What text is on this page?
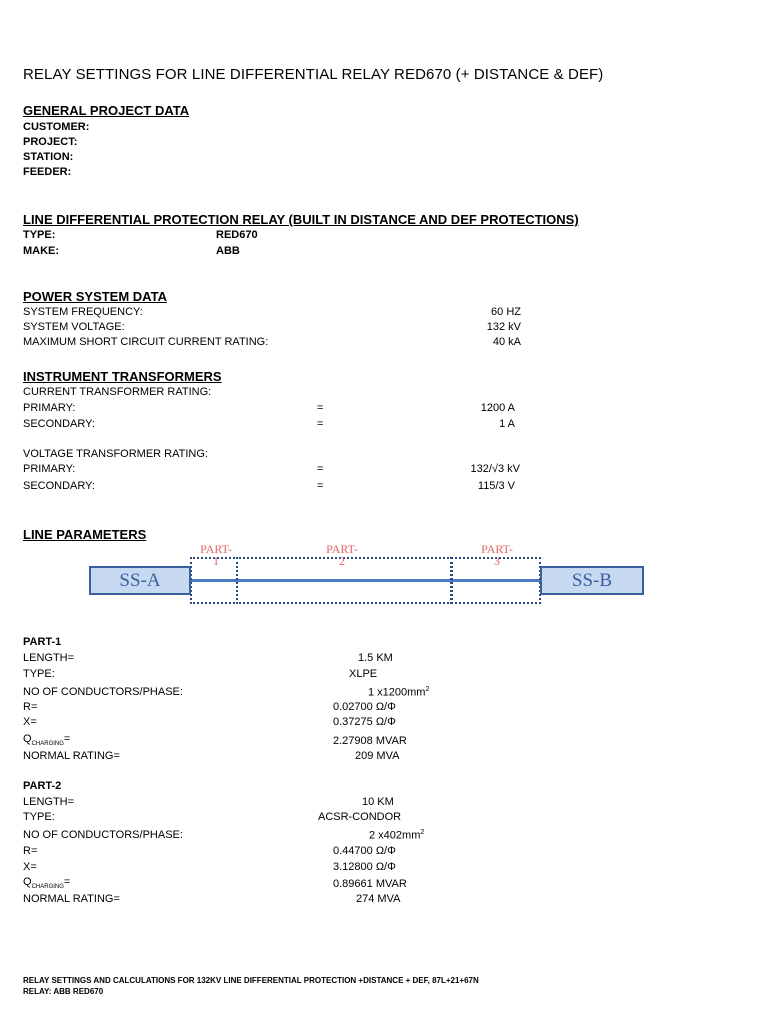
RELAY SETTINGS FOR LINE DIFFERENTIAL RELAY RED670 (+ DISTANCE & DEF)
GENERAL PROJECT DATA
CUSTOMER:
PROJECT:
STATION:
FEEDER:
LINE DIFFERENTIAL PROTECTION RELAY (BUILT IN DISTANCE AND DEF PROTECTIONS)
TYPE:	RED670
MAKE:	ABB
POWER SYSTEM DATA
SYSTEM FREQUENCY:	60 HZ
SYSTEM VOLTAGE:	132 kV
MAXIMUM SHORT CIRCUIT CURRENT RATING:	40 kA
INSTRUMENT TRANSFORMERS
CURRENT TRANSFORMER RATING:
PRIMARY:	=	1200 A
SECONDARY:	=	1 A
VOLTAGE TRANSFORMER RATING:
PRIMARY:	=	132/√3 kV
SECONDARY:	=	115/3 V
LINE PARAMETERS
SS-A	SS-B
PART-
1
PART-
2
PART-
3
PART-1
LENGTH=	1.5 KM
TYPE:	XLPE
NO OF CONDUCTORS/PHASE:	1 $x1200mm^2$
R=	0.02700 Ω/Φ
X=	0.37275 Ω/Φ
$Q_{CHARGING}=$	2.27908 MVAR
NORMAL RATING=	209 MVA
PART-2
LENGTH=	10 KM
TYPE:	ACSR-CONDOR
NO OF CONDUCTORS/PHASE:	2 $x402mm^2$
R=	0.44700 Ω/Φ
X=	3.12800 Ω/Φ
$Q_{CHARGING}=$	0.89661 MVAR
NORMAL RATING=	274 MVA
RELAY SETTINGS AND CALCULATIONS FOR 132KV LINE DIFFERENTIAL PROTECTION +DISTANCE + DEF, 87L+21+67N
RELAY: ABB RED670
